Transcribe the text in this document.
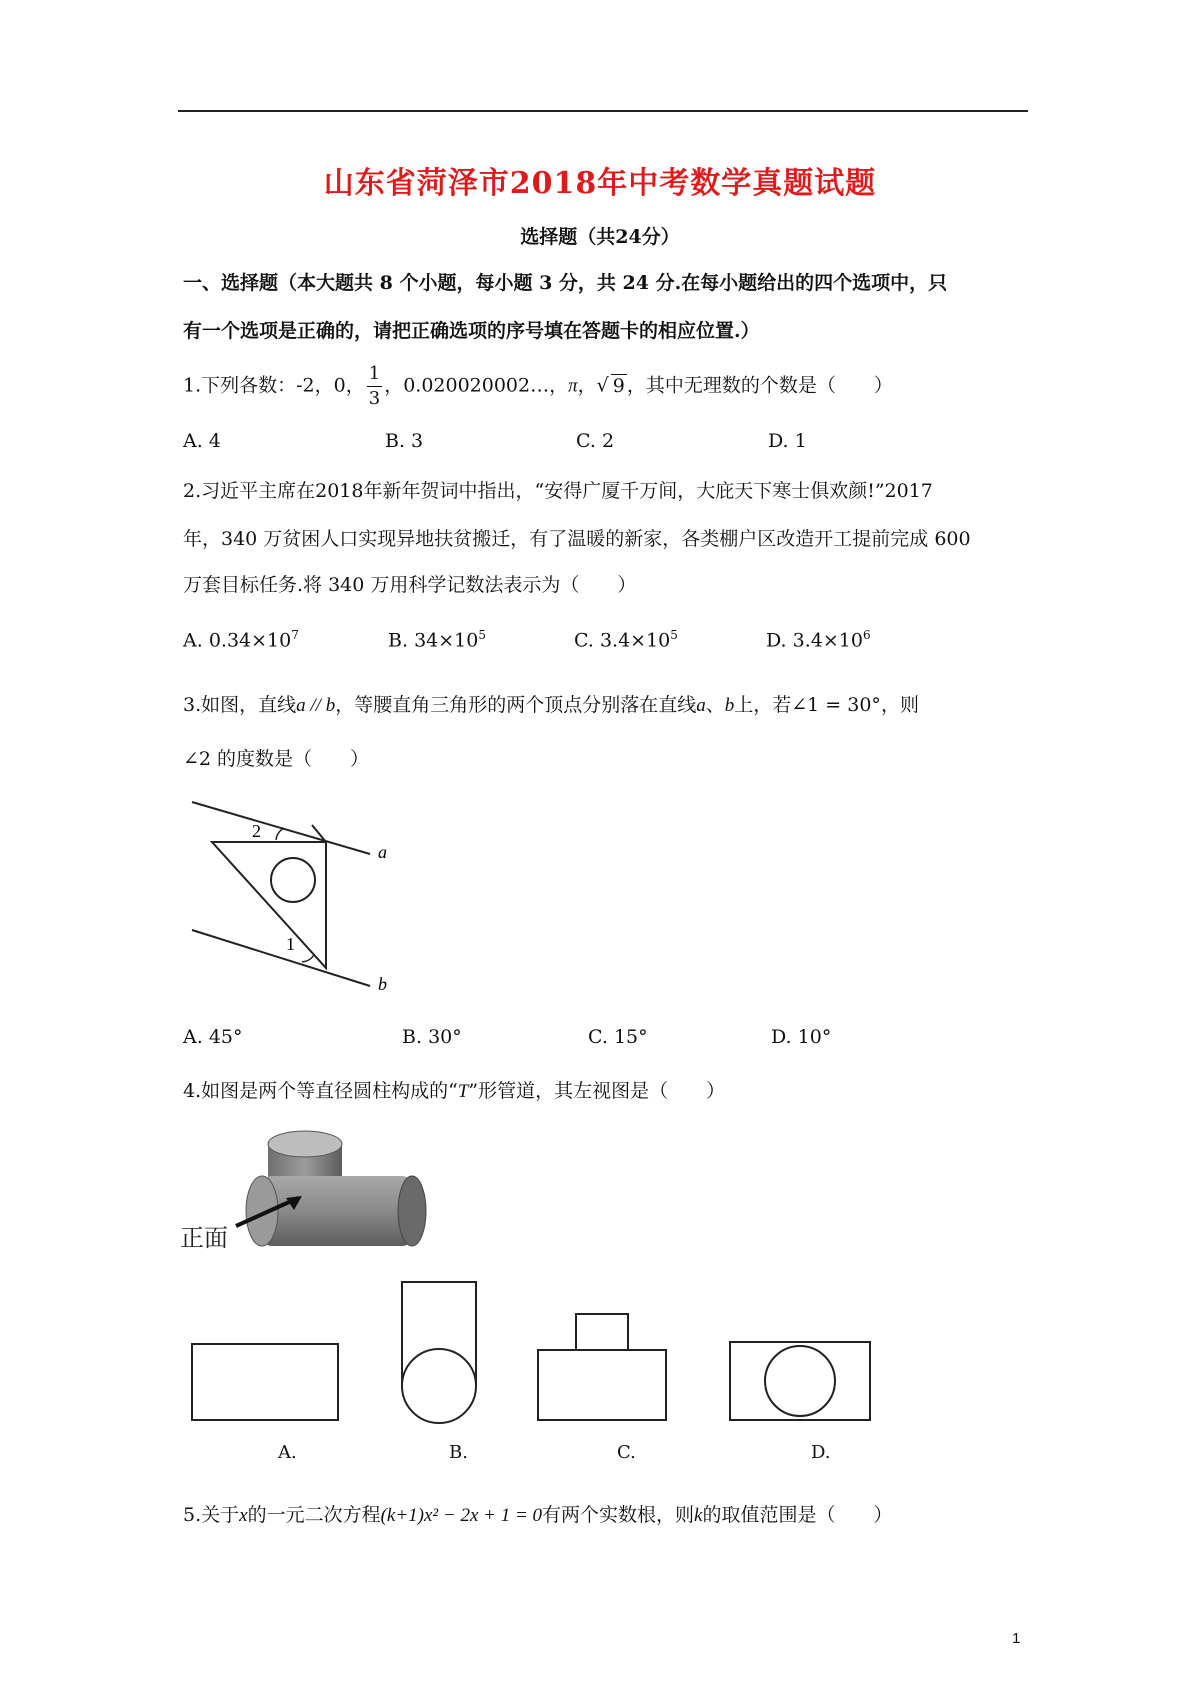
山东省菏泽市2018年中考数学真题试题
选择题（共24分）
一、选择题（本大题共 8 个小题，每小题 3 分，共 24 分.在每小题给出的四个选项中，只
有一个选项是正确的，请把正确选项的序号填在答题卡的相应位置.）
1.下列各数：-2，0， $\frac{1}{3}$ ，0.020020002…，π，√ 9 ，其中无理数的个数是（　　）
A. 4	B. 3	C. 2	D. 1
2.习近平主席在2018年新年贺词中指出，“安得广厦千万间，大庇天下寒士俱欢颜!”2017
年，340 万贫困人口实现异地扶贫搬迁，有了温暖的新家，各类棚户区改造开工提前完成 600
万套目标任务.将 340 万用科学记数法表示为（　　）
A. $0.34\times 10^7$	B. $34\times 10^5$	C. $3.4\times 10^5$	D. $3.4\times 10^6$
3.如图，直线a // b，等腰直角三角形的两个顶点分别落在直线a、b上，若∠1 = 30°，则
∠2 的度数是（　　）
2
1
a
b
A. 45°	B. 30°	C. 15°	D. 10°
4.如图是两个等直径圆柱构成的“T”形管道，其左视图是（　　）
正面
A.	B.	C.	D.
5.关于x的一元二次方程(k+1)x² − 2x + 1 = 0有两个实数根，则k的取值范围是（　　）
1
